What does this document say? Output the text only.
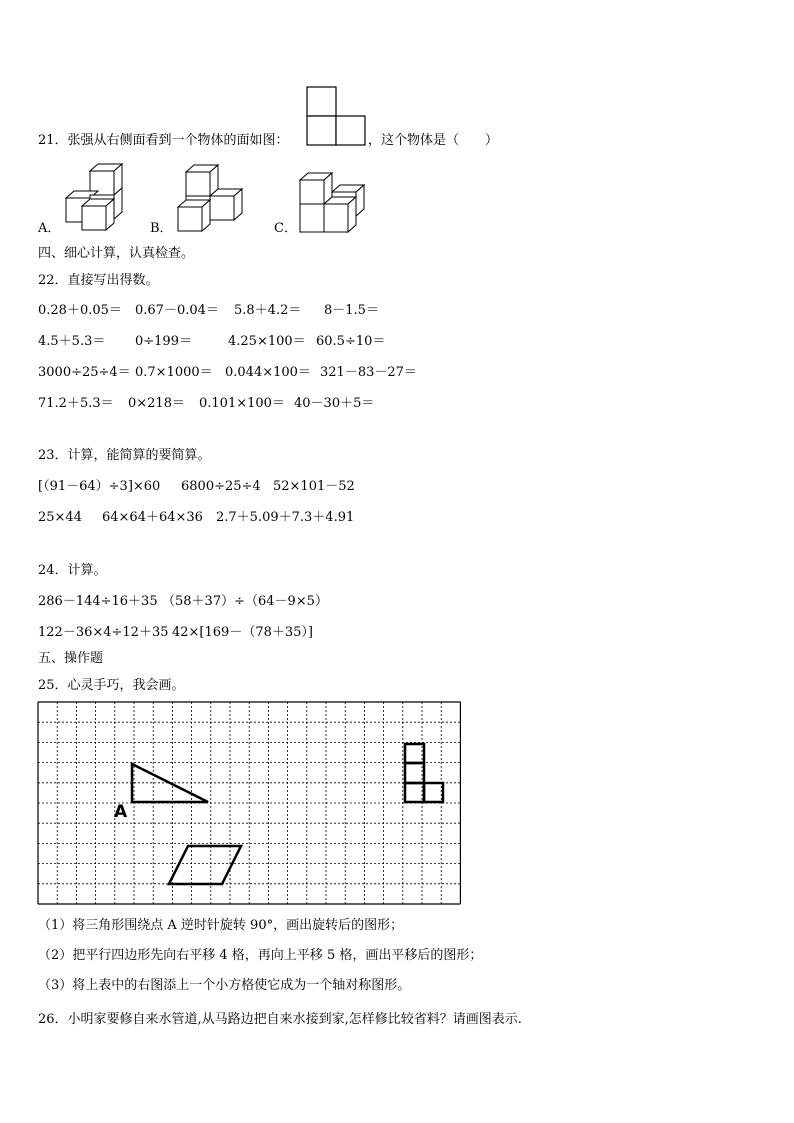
21．张强从右侧面看到一个物体的面如图：	，这个物体是（　　）
A．	B．	C．
四、细心计算，认真检查。
22．直接写出得数。
0.28＋0.05＝ 0.67－0.04＝ 5.8＋4.2＝ 8－1.5＝
4.5＋5.3＝ 0÷199＝	4.25×100＝ 60.5÷10＝
3000÷25÷4＝ 0.7×1000＝ 0.044×100＝ 321－83－27＝
71.2＋5.3＝ 0×218＝ 0.101×100＝ 40－30＋5＝
23．计算，能简算的要简算。
[（91－64）÷3]×60 6800÷25÷4 52×101－52
25×44 64×64＋64×36 2.7＋5.09＋7.3＋4.91
24．计算。
286－144÷16＋35 （58＋37）÷（64－9×5）
122－36×4÷12＋35 42×[169－（78＋35）]
五、操作题
25．心灵手巧，我会画。
A
（1）将三角形围绕点 A 逆时针旋转 90°，画出旋转后的图形；
（2）把平行四边形先向右平移 4 格，再向上平移 5 格，画出平移后的图形；
（3）将上表中的右图添上一个小方格使它成为一个轴对称图形。
26．小明家要修自来水管道,从马路边把自来水接到家,怎样修比较省料？请画图表示.
